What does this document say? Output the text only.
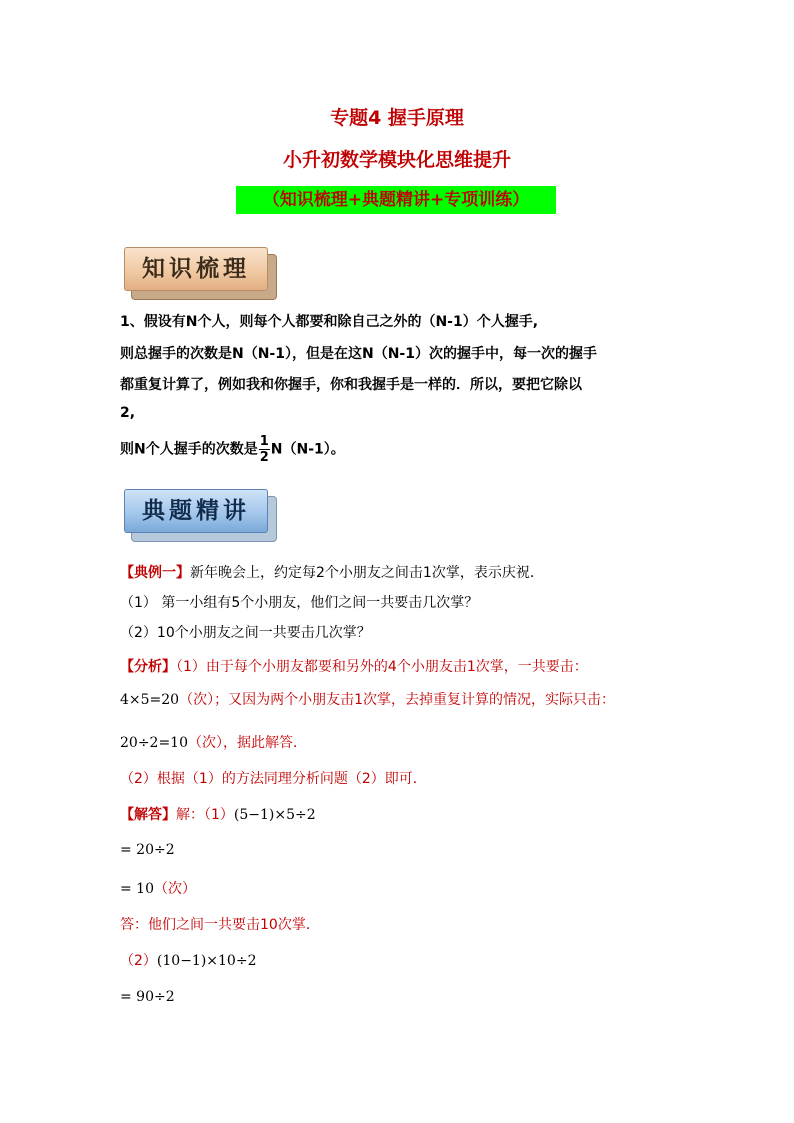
专题4 握手原理
小升初数学模块化思维提升
（知识梳理+典题精讲+专项训练）
知识梳理
1、假设有N个人，则每个人都要和除自己之外的（N-1）个人握手,
则总握手的次数是N（N-1），但是在这N（N-1）次的握手中，每一次的握手
都重复计算了，例如我和你握手，你和我握手是一样的．所以，要把它除以
2,
则N个人握手的次数是 $\frac{1}{2} N(N-1)$。
典题精讲
【典例一】新年晚会上，约定每2个小朋友之间击1次掌，表示庆祝．
（1） 第一小组有5个小朋友，他们之间一共要击几次掌？
（2）10个小朋友之间一共要击几次掌？
【分析】（1）由于每个小朋友都要和另外的4个小朋友击1次掌，一共要击：
4×5=20（次）；又因为两个小朋友击1次掌，去掉重复计算的情况，实际只击：
20÷2=10（次），据此解答．
（2）根据（1）的方法同理分析问题（2）即可．
【解答】解：（1）(5−1)×5÷2
= 20÷2
= 10（次）
答：他们之间一共要击10次掌．
（2）(10−1)×10÷2
= 90÷2
